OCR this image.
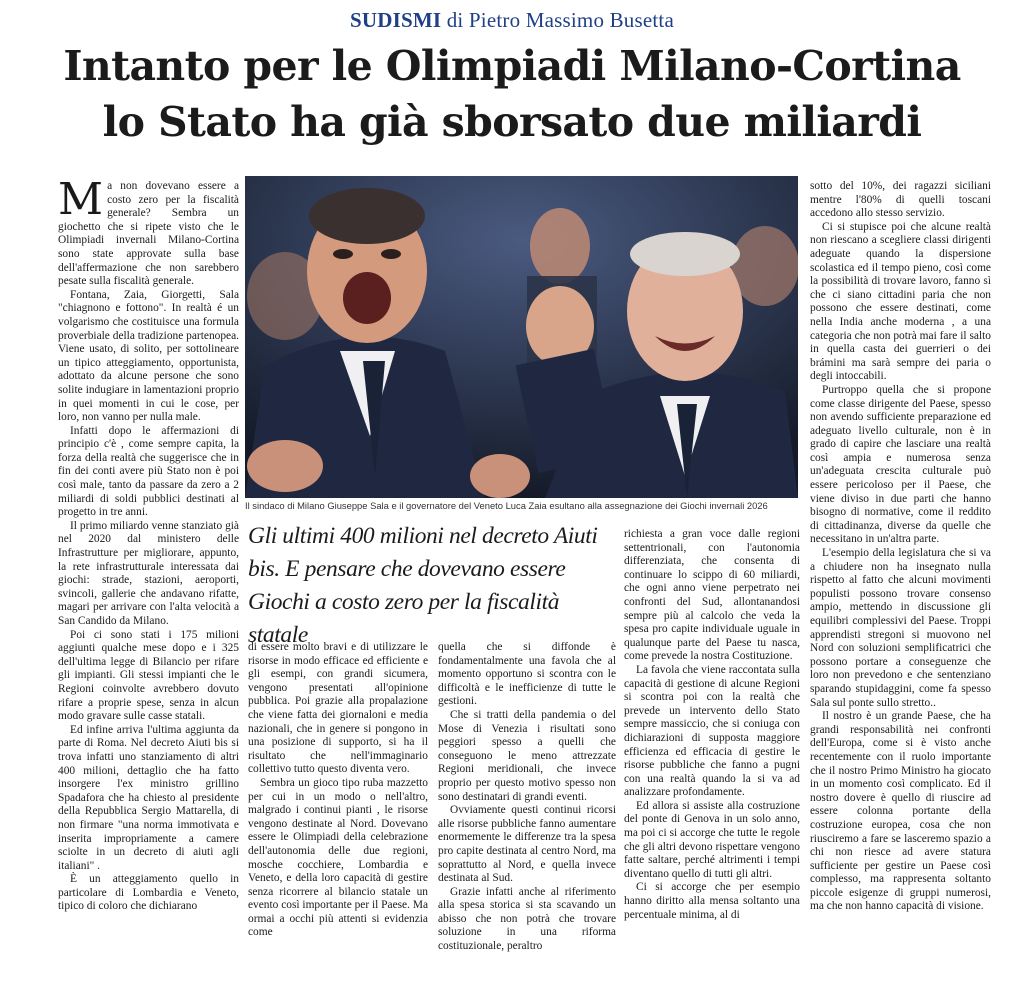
SUDISMI di Pietro Massimo Busetta
Intanto per le Olimpiadi Milano-Cortina
lo Stato ha già sborsato due miliardi

Ma non dovevano essere a costo zero per la fiscalità generale? Sembra un giochetto che si ripete visto che le Olimpiadi invernali Milano-Cortina sono state approvate sulla base dell'affermazione che non sarebbero pesate sulla fiscalità generale.

Fontana, Zaia, Giorgetti, Sala "chiagnono e fottono". In realtà é un volgarismo che costituisce una formula proverbiale della tradizione partenopea. Viene usato, di solito, per sottolineare un tipico atteggiamento, opportunista, adottato da alcune persone che sono solite indugiare in lamentazioni proprio in quei momenti in cui le cose, per loro, non vanno per nulla male.

Infatti dopo le affermazioni di principio c'è , come sempre capita, la forza della realtà che suggerisce che in fin dei conti avere più Stato non è poi così male, tanto da passare da zero a 2 miliardi di soldi pubblici destinati al progetto in tre anni.

Il primo miliardo venne stanziato già nel 2020 dal ministero delle Infrastrutture per migliorare, appunto, la rete infrastrutturale interessata dai giochi: strade, stazioni, aeroporti, svincoli, gallerie che andavano rifatte, magari per arrivare con l'alta velocità a San Candido da Milano.

Poi ci sono stati i 175 milioni aggiunti qualche mese dopo e i 325 dell'ultima legge di Bilancio per rifare gli impianti. Gli stessi impianti che le Regioni coinvolte avrebbero dovuto rifare a proprie spese, senza in alcun modo gravare sulle casse statali.

Ed infine arriva l'ultima aggiunta da parte di Roma. Nel decreto Aiuti bis si trova infatti uno stanziamento di altri 400 milioni, dettaglio che ha fatto insorgere l'ex ministro grillino Spadafora che ha chiesto al presidente della Repubblica Sergio Mattarella, di non firmare "una norma immotivata e inserita impropriamente a camere sciolte in un decreto di aiuti agli italiani" .

È un atteggiamento quello in particolare di Lombardia e Veneto, tipico di coloro che dichiarano

Il sindaco di Milano Giuseppe Sala e il governatore del Veneto Luca Zaia esultano alla assegnazione dei Giochi invernali 2026
Gli ultimi 400 milioni nel decreto Aiuti bis. E pensare che dovevano essere Giochi a costo zero per la fiscalità statale

di essere molto bravi e di utilizzare le risorse in modo efficace ed efficiente e gli esempi, con grandi sicumera, vengono presentati all'opinione pubblica. Poi grazie alla propalazione che viene fatta dei giornaloni e media nazionali, che in genere si pongono in una posizione di supporto, si ha il risultato che nell'immaginario collettivo tutto questo diventa vero.

Sembra un gioco tipo ruba mazzetto per cui in un modo o nell'altro, malgrado i continui pianti , le risorse vengono destinate al Nord. Dovevano essere le Olimpiadi della celebrazione dell'autonomia delle due regioni, mosche cocchiere, Lombardia e Veneto, e della loro capacità di gestire senza ricorrere al bilancio statale un evento così importante per il Paese. Ma ormai a occhi più attenti si evidenzia come

quella che si diffonde è fondamentalmente una favola che al momento opportuno si scontra con le difficoltà e le inefficienze di tutte le gestioni.

Che si tratti della pandemia o del Mose di Venezia i risultati sono peggiori spesso a quelli che conseguono le meno attrezzate Regioni meridionali, che invece proprio per questo motivo spesso non sono destinatari di grandi eventi.

Ovviamente questi continui ricorsi alle risorse pubbliche fanno aumentare enormemente le differenze tra la spesa pro capite destinata al centro Nord, ma soprattutto al Nord, e quella invece destinata al Sud.

Grazie infatti anche al riferimento alla spesa storica si sta scavando un abisso che non potrà che trovare soluzione in una riforma costituzionale, peraltro

richiesta a gran voce dalle regioni settentrionali, con l'autonomia differenziata, che consenta di continuare lo scippo di 60 miliardi, che ogni anno viene perpetrato nei confronti del Sud, allontanandosi sempre più al calcolo che veda la spesa pro capite individuale uguale in qualunque parte del Paese tu nasca, come prevede la nostra Costituzione.

La favola che viene raccontata sulla capacità di gestione di alcune Regioni si scontra poi con la realtà che prevede un intervento dello Stato sempre massiccio, che si coniuga con dichiarazioni di supposta maggiore efficienza ed efficacia di gestire le risorse pubbliche che fanno a pugni con una realtà quando la si va ad analizzare profondamente.

Ed allora si assiste alla costruzione del ponte di Genova in un solo anno, ma poi ci si accorge che tutte le regole che gli altri devono rispettare vengono fatte saltare, perché altrimenti i tempi diventano quello di tutti gli altri.

Ci si accorge che per esempio hanno diritto alla mensa soltanto una percentuale minima, al di

sotto del 10%, dei ragazzi siciliani mentre l'80% di quelli toscani accedono allo stesso servizio.

Ci si stupisce poi che alcune realtà non riescano a scegliere classi dirigenti adeguate quando la dispersione scolastica ed il tempo pieno, così come la possibilità di trovare lavoro, fanno sì che ci siano cittadini paria che non possono che essere destinati, come nella India anche moderna , a una categoria che non potrà mai fare il salto in quella casta dei guerrieri o dei brámini ma sarà sempre dei paria o degli intoccabili.

Purtroppo quella che si propone come classe dirigente del Paese, spesso non avendo sufficiente preparazione ed adeguato livello culturale, non è in grado di capire che lasciare una realtà così ampia e numerosa senza un'adeguata crescita culturale può essere pericoloso per il Paese, che viene diviso in due parti che hanno bisogno di normative, come il reddito di cittadinanza, diverse da quelle che necessitano in un'altra parte.

L'esempio della legislatura che si va a chiudere non ha insegnato nulla rispetto al fatto che alcuni movimenti populisti possono trovare consenso ampio, mettendo in discussione gli equilibri complessivi del Paese. Troppi apprendisti stregoni si muovono nel Nord con soluzioni semplificatrici che possono portare a conseguenze che loro non prevedono e che sentenziano sparando stupidaggini, come fa spesso Sala sul ponte sullo stretto..

Il nostro è un grande Paese, che ha grandi responsabilità nei confronti dell'Europa, come si è visto anche recentemente con il ruolo importante che il nostro Primo Ministro ha giocato in un momento così complicato. Ed il nostro dovere è quello di riuscire ad essere colonna portante della costruzione europea, cosa che non riusciremo a fare se lasceremo spazio a chi non riesce ad avere statura sufficiente per gestire un Paese così complesso, ma rappresenta soltanto piccole esigenze di gruppi numerosi, ma che non hanno capacità di visione.
